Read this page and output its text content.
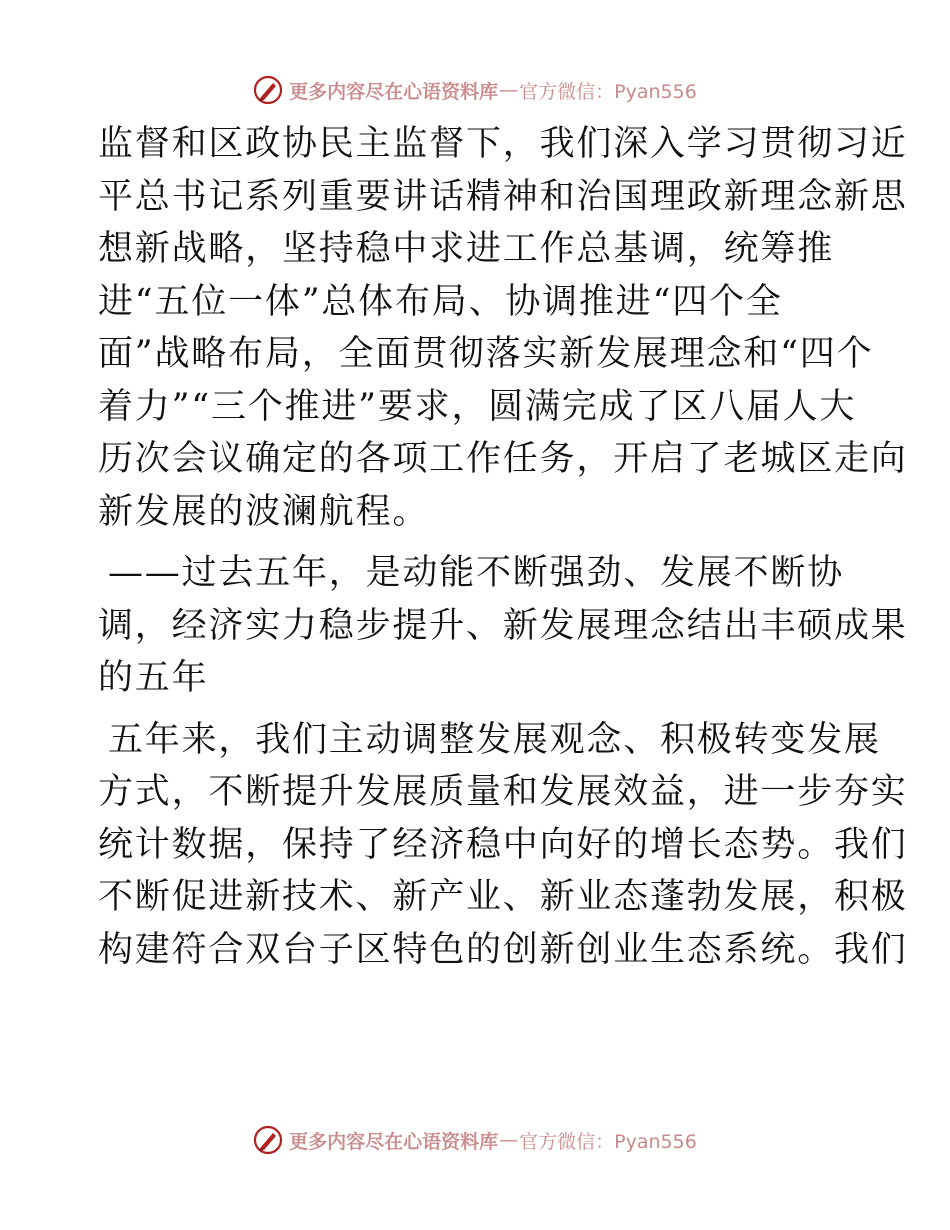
更多内容尽在心语资料库 — 官方微信：Pyan556
监督和区政协民主监督下，我们深入学习贯彻习近
平总书记系列重要讲话精神和治国理政新理念新思
想新战略，坚持稳中求进工作总基调，统筹推
进“五位一体”总体布局、协调推进“四个全
面”战略布局，全面贯彻落实新发展理念和“四个
着力”“三个推进”要求，圆满完成了区八届人大
历次会议确定的各项工作任务，开启了老城区走向
新发展的波澜航程。
——过去五年，是动能不断强劲、发展不断协
调，经济实力稳步提升、新发展理念结出丰硕成果
的五年
五年来，我们主动调整发展观念、积极转变发展
方式，不断提升发展质量和发展效益，进一步夯实
统计数据，保持了经济稳中向好的增长态势。我们
不断促进新技术、新产业、新业态蓬勃发展，积极
构建符合双台子区特色的创新创业生态系统。我们
更多内容尽在心语资料库 — 官方微信：Pyan556
